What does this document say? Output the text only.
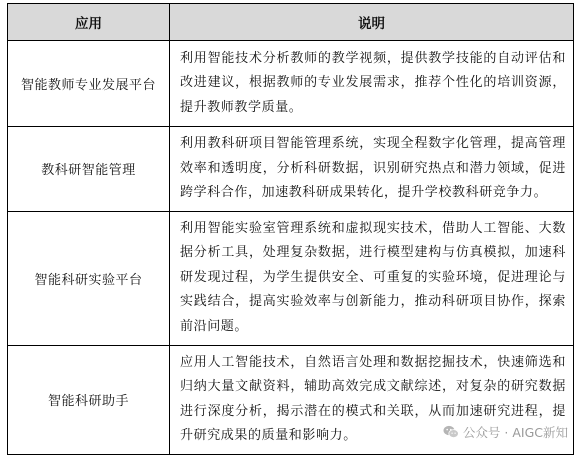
应用	说明
智能教师专业发展平台	利用智能技术分析教师的教学视频，提供教学技能的自动评估和改进建议，根据教师的专业发展需求，推荐个性化的培训资源，提升教师教学质量。
教科研智能管理	利用教科研项目智能管理系统，实现全程数字化管理，提高管理效率和透明度，分析科研数据，识别研究热点和潜力领域，促进跨学科合作，加速教科研成果转化，提升学校教科研竞争力。
智能科研实验平台	利用智能实验室管理系统和虚拟现实技术，借助人工智能、大数据分析工具，处理复杂数据，进行模型建构与仿真模拟，加速科研发现过程，为学生提供安全、可重复的实验环境，促进理论与实践结合，提高实验效率与创新能力，推动科研项目协作，探索前沿问题。
智能科研助手	应用人工智能技术，自然语言处理和数据挖掘技术，快速筛选和归纳大量文献资料，辅助高效完成文献综述，对复杂的研究数据进行深度分析，揭示潜在的模式和关联，从而加速研究进程，提升研究成果的质量和影响力。	公众号 · AIGC新知
